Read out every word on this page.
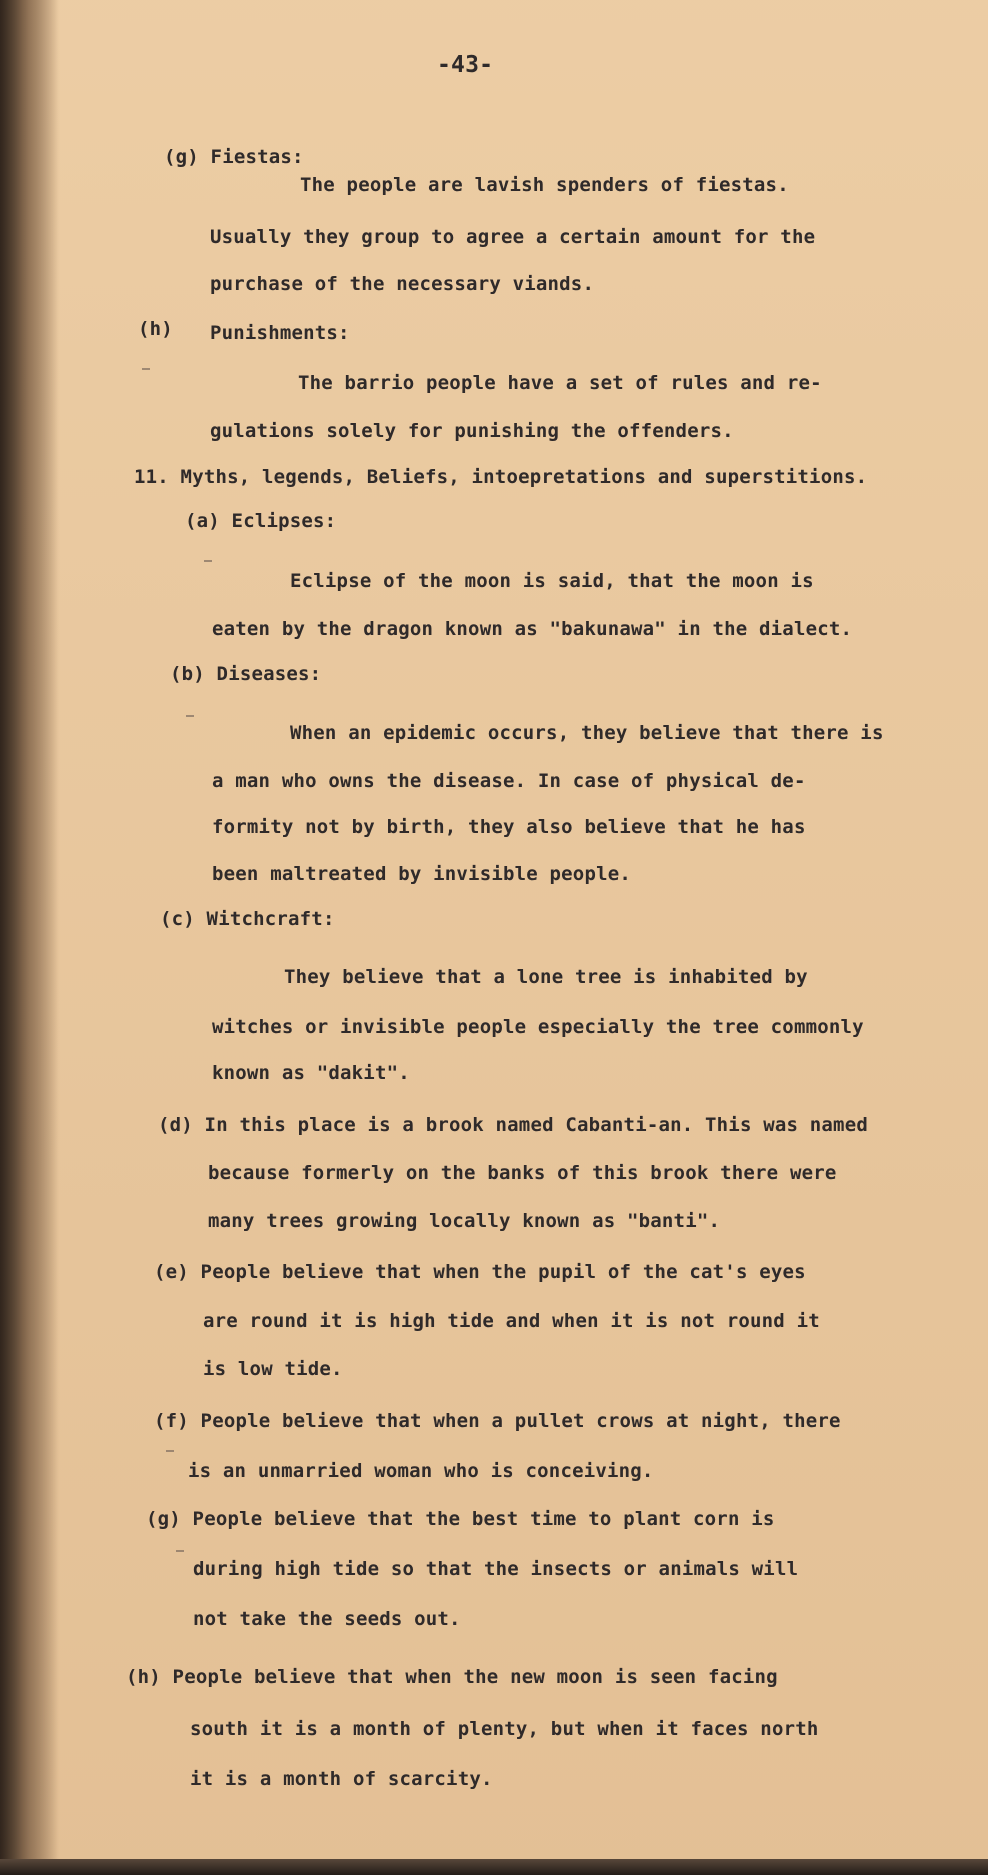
-43-
(g) Fiestas:
The people are lavish spenders of fiestas.
Usually they group to agree a certain amount for the
purchase of the necessary viands.
(h) Punishments:
The barrio people have a set of rules and re-
gulations solely for punishing the offenders.
11. Myths, legends, Beliefs, intoepretations and superstitions.
(a) Eclipses:
Eclipse of the moon is said, that the moon is
eaten by the dragon known as "bakunawa" in the dialect.
(b) Diseases:
When an epidemic occurs, they believe that there is
a man who owns the disease. In case of physical de-
formity not by birth, they also believe that he has
been maltreated by invisible people.
(c) Witchcraft:
They believe that a lone tree is inhabited by
witches or invisible people especially the tree commonly
known as "dakit".
(d) In this place is a brook named Cabanti-an. This was named
because formerly on the banks of this brook there were
many trees growing locally known as "banti".
(e) People believe that when the pupil of the cat's eyes
are round it is high tide and when it is not round it
is low tide.
(f) People believe that when a pullet crows at night, there
is an unmarried woman who is conceiving.
(g) People believe that the best time to plant corn is
during high tide so that the insects or animals will
not take the seeds out.
(h) People believe that when the new moon is seen facing
south it is a month of plenty, but when it faces north
it is a month of scarcity.
